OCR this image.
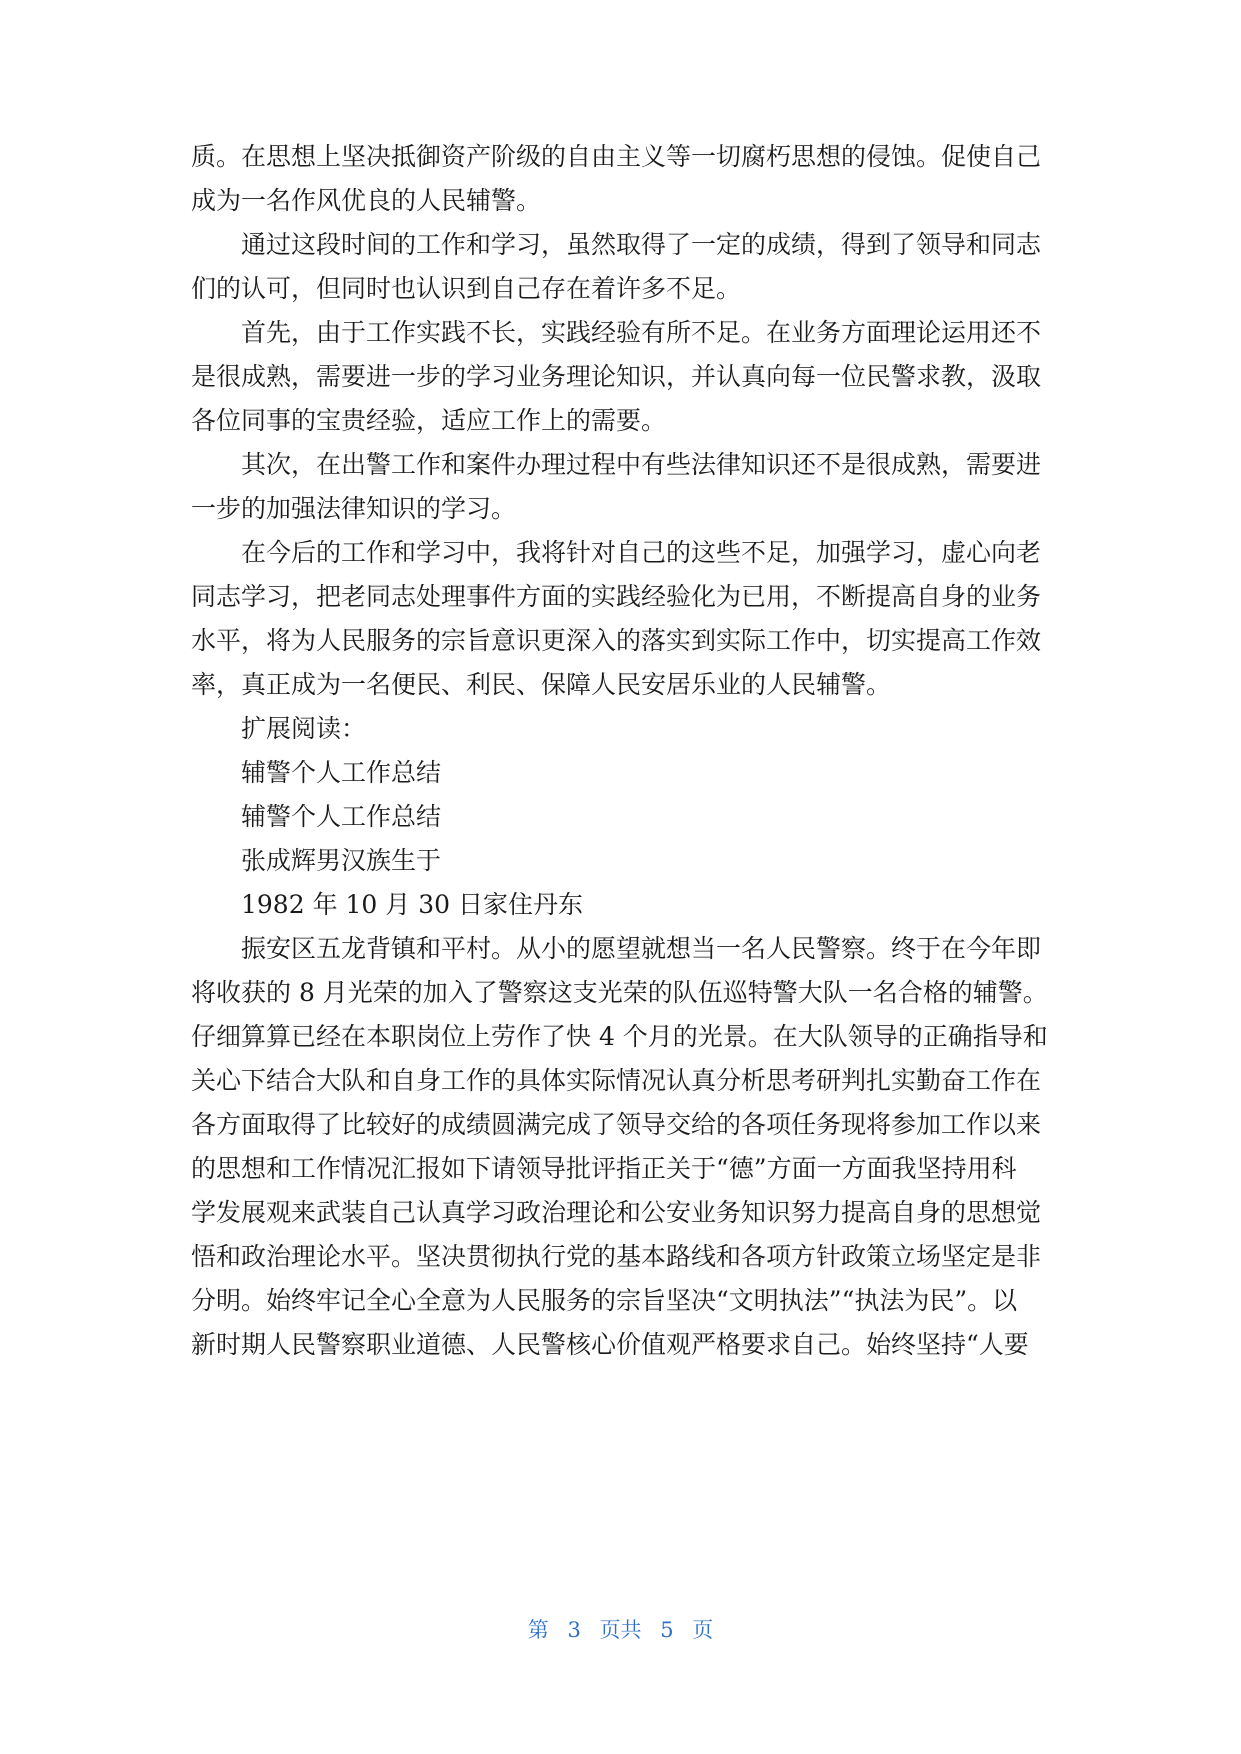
质。在思想上坚决抵御资产阶级的自由主义等一切腐朽思想的侵蚀。促使自己
成为一名作风优良的人民辅警。
通过这段时间的工作和学习，虽然取得了一定的成绩，得到了领导和同志
们的认可，但同时也认识到自己存在着许多不足。
首先，由于工作实践不长，实践经验有所不足。在业务方面理论运用还不
是很成熟，需要进一步的学习业务理论知识，并认真向每一位民警求教，汲取
各位同事的宝贵经验，适应工作上的需要。
其次，在出警工作和案件办理过程中有些法律知识还不是很成熟，需要进
一步的加强法律知识的学习。
在今后的工作和学习中，我将针对自己的这些不足，加强学习，虚心向老
同志学习，把老同志处理事件方面的实践经验化为已用，不断提高自身的业务
水平，将为人民服务的宗旨意识更深入的落实到实际工作中，切实提高工作效
率，真正成为一名便民、利民、保障人民安居乐业的人民辅警。
扩展阅读：
辅警个人工作总结
辅警个人工作总结
张成辉男汉族生于
1982 年 10 月 30 日家住丹东
振安区五龙背镇和平村。从小的愿望就想当一名人民警察。终于在今年即
将收获的 8 月光荣的加入了警察这支光荣的队伍巡特警大队一名合格的辅警。
仔细算算已经在本职岗位上劳作了快 4 个月的光景。在大队领导的正确指导和
关心下结合大队和自身工作的具体实际情况认真分析思考研判扎实勤奋工作在
各方面取得了比较好的成绩圆满完成了领导交给的各项任务现将参加工作以来
的思想和工作情况汇报如下请领导批评指正关于“德”方面一方面我坚持用科
学发展观来武装自己认真学习政治理论和公安业务知识努力提高自身的思想觉
悟和政治理论水平。坚决贯彻执行党的基本路线和各项方针政策立场坚定是非
分明。始终牢记全心全意为人民服务的宗旨坚决“文明执法”“执法为民”。以
新时期人民警察职业道德、人民警核心价值观严格要求自己。始终坚持“人要
第 3 页共 5 页
